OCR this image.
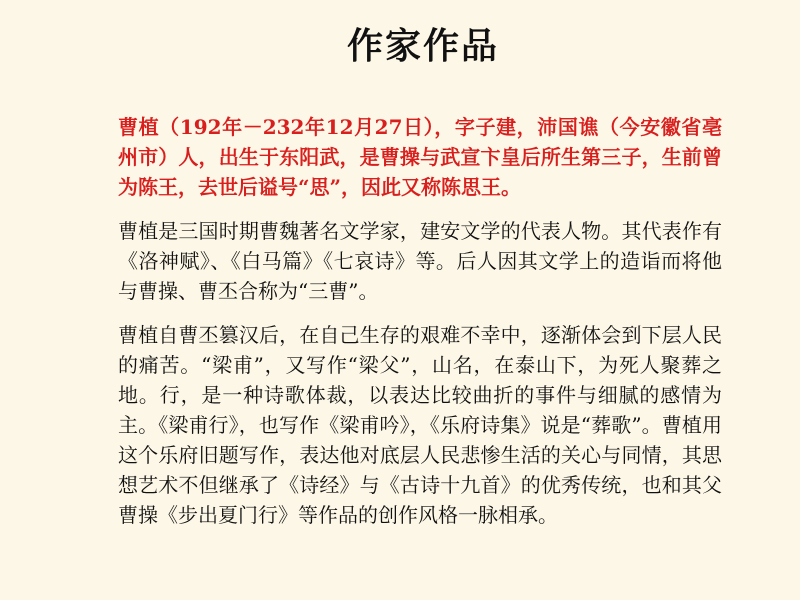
作家作品

曹植（192年－232年12月27日），字子建，沛国谯（今安徽省亳州市）人，出生于东阳武，是曹操与武宣卞皇后所生第三子，生前曾为陈王，去世后谥号“思”，因此又称陈思王。

曹植是三国时期曹魏著名文学家，建安文学的代表人物。其代表作有《洛神赋》、《白马篇》《七哀诗》等。后人因其文学上的造诣而将他与曹操、曹丕合称为“三曹”。

曹植自曹丕篡汉后，在自己生存的艰难不幸中，逐渐体会到下层人民的痛苦。“梁甫”，又写作“梁父”，山名，在泰山下，为死人聚葬之地。行，是一种诗歌体裁，以表达比较曲折的事件与细腻的感情为主。《梁甫行》，也写作《梁甫吟》，《乐府诗集》说是“葬歌”。曹植用这个乐府旧题写作，表达他对底层人民悲惨生活的关心与同情，其思想艺术不但继承了《诗经》与《古诗十九首》的优秀传统，也和其父曹操《步出夏门行》等作品的创作风格一脉相承。
